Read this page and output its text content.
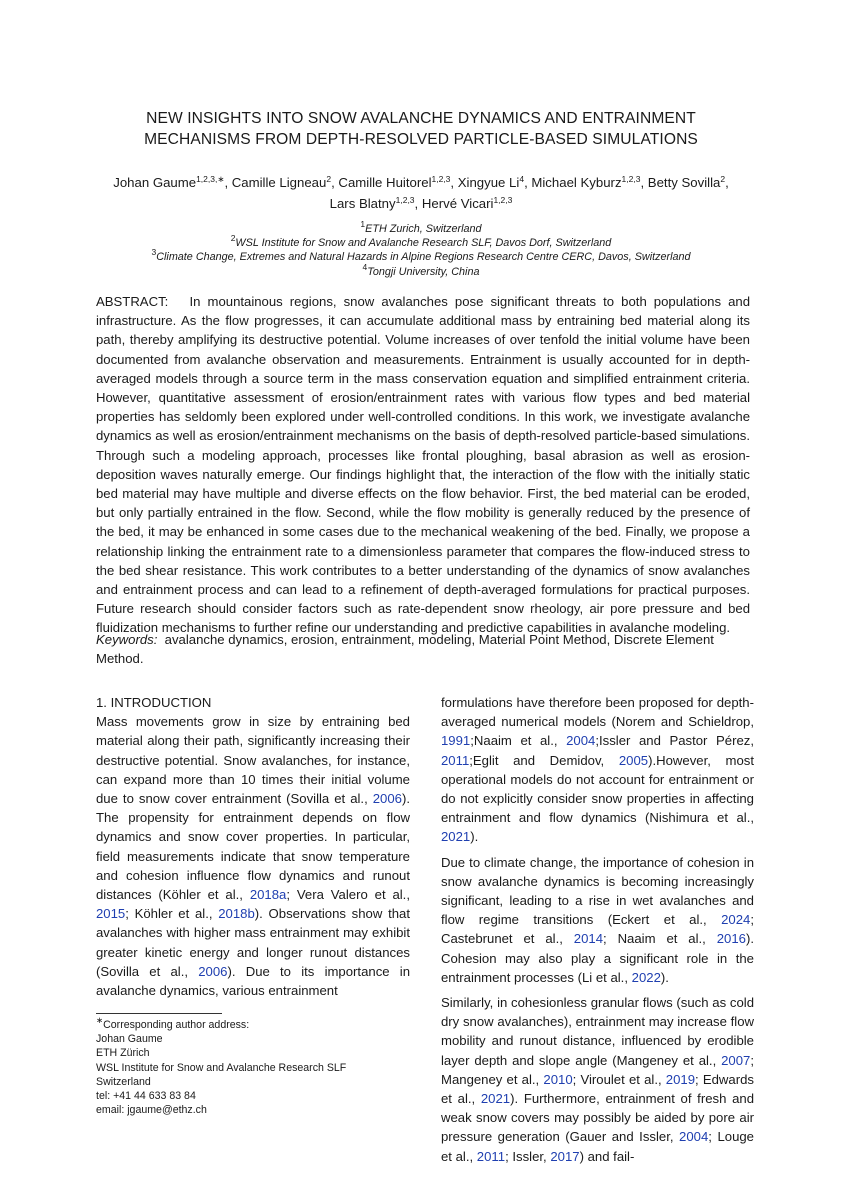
NEW INSIGHTS INTO SNOW AVALANCHE DYNAMICS AND ENTRAINMENT
MECHANISMS FROM DEPTH-RESOLVED PARTICLE-BASED SIMULATIONS
Johan Gaume$^{1,2,3,∗}$, Camille Ligneau$^2$, Camille Huitorel$^{1,2,3}$, Xingyue Li$^4$, Michael Kyburz$^{1,2,3}$, Betty Sovilla$^2$,
Lars Blatny$^{1,2,3}$, Hervé Vicari$^{1,2,3}$
$^1$ETH Zurich, Switzerland
$^2$WSL Institute for Snow and Avalanche Research SLF, Davos Dorf, Switzerland
$^3$Climate Change, Extremes and Natural Hazards in Alpine Regions Research Centre CERC, Davos, Switzerland
$^4$Tongji University, China

ABSTRACT: In mountainous regions, snow avalanches pose significant threats to both populations and infrastructure. As the flow progresses, it can accumulate additional mass by entraining bed material along its path, thereby amplifying its destructive potential. Volume increases of over tenfold the initial volume have been documented from avalanche observation and measurements. Entrainment is usually accounted for in depth-averaged models through a source term in the mass conservation equation and simplified entrainment criteria. However, quantitative assessment of erosion/entrainment rates with various flow types and bed material properties has seldomly been explored under well-controlled conditions. In this work, we investigate avalanche dynamics as well as erosion/entrainment mechanisms on the basis of depth-resolved particle-based simulations. Through such a modeling approach, processes like frontal ploughing, basal abrasion as well as erosion-deposition waves naturally emerge. Our findings highlight that, the interaction of the flow with the initially static bed material may have multiple and diverse effects on the flow behavior. First, the bed material can be eroded, but only partially entrained in the flow. Second, while the flow mobility is generally reduced by the presence of the bed, it may be enhanced in some cases due to the mechanical weakening of the bed. Finally, we propose a relationship linking the entrainment rate to a dimensionless parameter that compares the flow-induced stress to the bed shear resistance. This work contributes to a better understanding of the dynamics of snow avalanches and entrainment process and can lead to a refinement of depth-averaged formulations for practical purposes. Future research should consider factors such as rate-dependent snow rheology, air pore pressure and bed fluidization mechanisms to further refine our understanding and predictive capabilities in avalanche modeling.

Keywords: avalanche dynamics, erosion, entrainment, modeling, Material Point Method, Discrete Element Method.

1. INTRODUCTION

Mass movements grow in size by entraining bed material along their path, significantly increasing their destructive potential. Snow avalanches, for instance, can expand more than 10 times their initial volume due to snow cover entrainment (Sovilla et al., 2006). The propensity for entrainment depends on flow dynamics and snow cover properties. In particular, field measurements indicate that snow temperature and cohesion influence flow dynamics and runout distances (Köhler et al., 2018a; Vera Valero et al., 2015; Köhler et al., 2018b). Observations show that avalanches with higher mass entrainment may exhibit greater kinetic energy and longer runout distances (Sovilla et al., 2006). Due to its importance in avalanche dynamics, various entrainment

formulations have therefore been proposed for depth-averaged numerical models (Norem and Schieldrop, 1991;Naaim et al., 2004;Issler and Pastor Pérez, 2011;Eglit and Demidov, 2005).However, most operational models do not account for entrainment or do not explicitly consider snow properties in affecting entrainment and flow dynamics (Nishimura et al., 2021).

Due to climate change, the importance of cohesion in snow avalanche dynamics is becoming increasingly significant, leading to a rise in wet avalanches and flow regime transitions (Eckert et al., 2024; Castebrunet et al., 2014; Naaim et al., 2016). Cohesion may also play a significant role in the entrainment processes (Li et al., 2022).

Similarly, in cohesionless granular flows (such as cold dry snow avalanches), entrainment may increase flow mobility and runout distance, influenced by erodible layer depth and slope angle (Mangeney et al., 2007; Mangeney et al., 2010; Viroulet et al., 2019; Edwards et al., 2021). Furthermore, entrainment of fresh and weak snow covers may possibly be aided by pore air pressure generation (Gauer and Issler, 2004; Louge et al., 2011; Issler, 2017) and fail-

∗Corresponding author address:
Johan Gaume
ETH Zürich
WSL Institute for Snow and Avalanche Research SLF
Switzerland
tel: +41 44 633 83 84
email: jgaume@ethz.ch
